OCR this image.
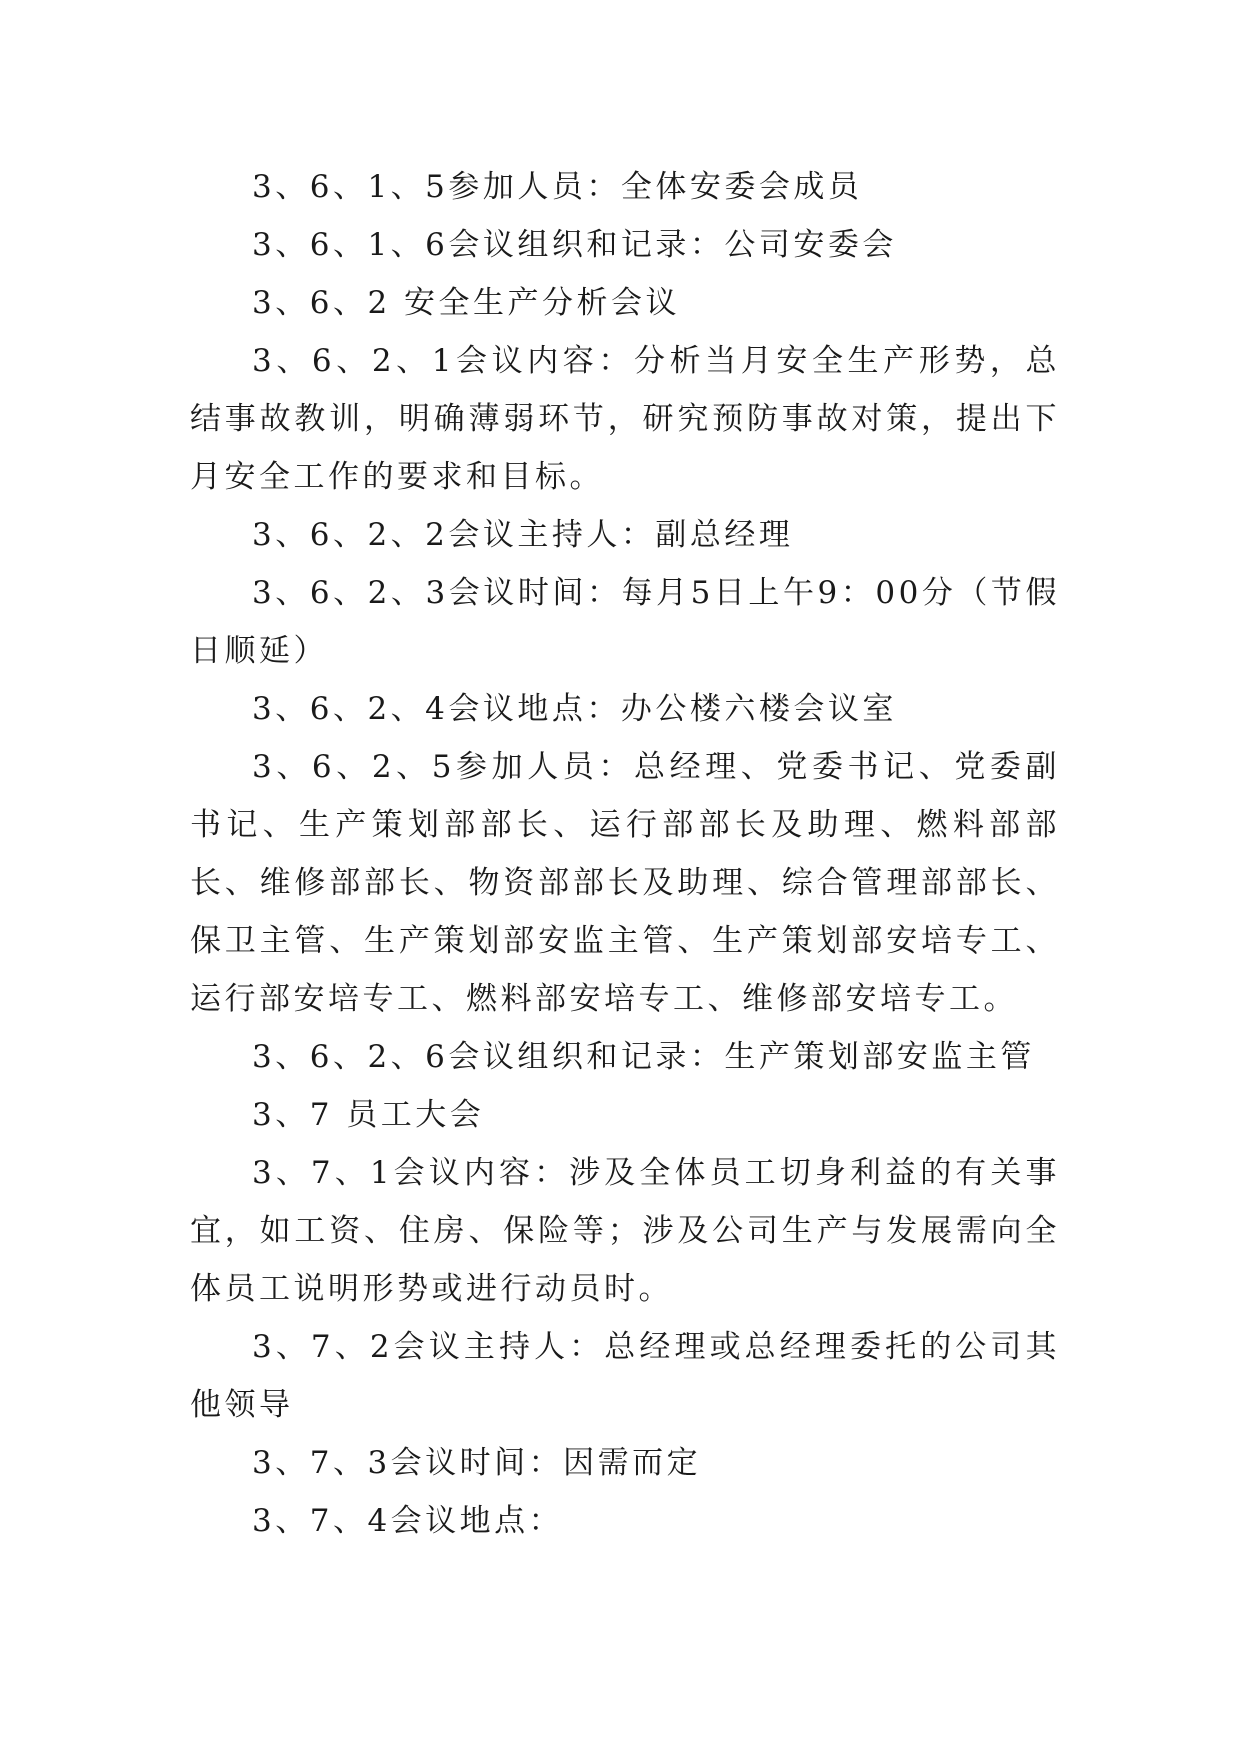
3、6、1、5参加人员：全体安委会成员

3、6、1、6会议组织和记录：公司安委会

3、6、2 安全生产分析会议

3、6、2、1会议内容：分析当月安全生产形势，总结事故教训，明确薄弱环节，研究预防事故对策，提出下月安全工作的要求和目标。

3、6、2、2会议主持人：副总经理

3、6、2、3会议时间：每月5日上午9：00分（节假日顺延）

3、6、2、4会议地点：办公楼六楼会议室

3、6、2、5参加人员：总经理、党委书记、党委副书记、生产策划部部长、运行部部长及助理、燃料部部长、维修部部长、物资部部长及助理、综合管理部部长、保卫主管、生产策划部安监主管、生产策划部安培专工、运行部安培专工、燃料部安培专工、维修部安培专工。

3、6、2、6会议组织和记录：生产策划部安监主管

3、7 员工大会

3、7、1会议内容：涉及全体员工切身利益的有关事宜，如工资、住房、保险等；涉及公司生产与发展需向全体员工说明形势或进行动员时。

3、7、2会议主持人：总经理或总经理委托的公司其他领导

3、7、3会议时间：因需而定

3、7、4会议地点：
